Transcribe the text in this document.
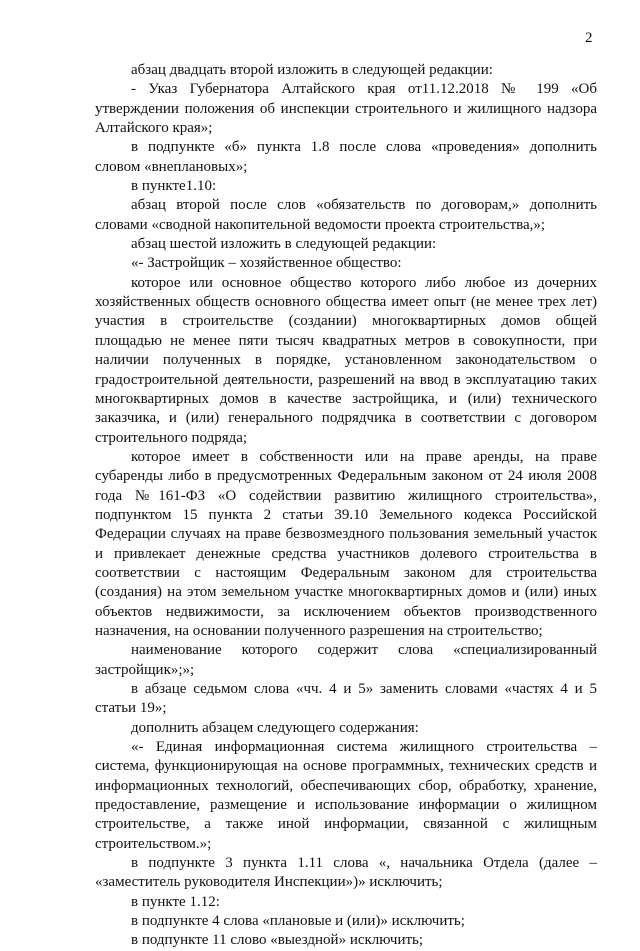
2

абзац двадцать второй изложить в следующей редакции:

- Указ Губернатора Алтайского края от11.12.2018 № 199 «Об утверждении положения об инспекции строительного и жилищного надзора Алтайского края»;

в подпункте «б» пункта 1.8 после слова «проведения» дополнить словом «внеплановых»;

в пункте1.10:

абзац второй после слов «обязательств по договорам,» дополнить словами «сводной накопительной ведомости проекта строительства,»;

абзац шестой изложить в следующей редакции:

«- Застройщик – хозяйственное общество:

которое или основное общество которого либо любое из дочерних хозяйственных обществ основного общества имеет опыт (не менее трех лет) участия в строительстве (создании) многоквартирных домов общей площадью не менее пяти тысяч квадратных метров в совокупности, при наличии полученных в порядке, установленном законодательством о градостроительной деятельности, разрешений на ввод в эксплуатацию таких многоквартирных домов в качестве застройщика, и (или) технического заказчика, и (или) генерального подрядчика в соответствии с договором строительного подряда;

которое имеет в собственности или на праве аренды, на праве субаренды либо в предусмотренных Федеральным законом от 24 июля 2008 года №161-ФЗ «О содействии развитию жилищного строительства», подпунктом 15 пункта 2 статьи 39.10 Земельного кодекса Российской Федерации случаях на праве безвозмездного пользования земельный участок и привлекает денежные средства участников долевого строительства в соответствии с настоящим Федеральным законом для строительства (создания) на этом земельном участке многоквартирных домов и (или) иных объектов недвижимости, за исключением объектов производственного назначения, на основании полученного разрешения на строительство;

наименование которого содержит слова «специализированный застройщик»;»;

в абзаце седьмом слова «чч. 4 и 5» заменить словами «частях 4 и 5 статьи 19»;

дополнить абзацем следующего содержания:

«- Единая информационная система жилищного строительства – система, функционирующая на основе программных, технических средств и информационных технологий, обеспечивающих сбор, обработку, хранение, предоставление, размещение и использование информации о жилищном строительстве, а также иной информации, связанной с жилищным строительством.»;

в подпункте 3 пункта 1.11 слова «, начальника Отдела (далее – «заместитель руководителя Инспекции»)» исключить;

в пункте 1.12:

в подпункте 4 слова «плановые и (или)» исключить;

в подпункте 11 слово «выездной» исключить;
